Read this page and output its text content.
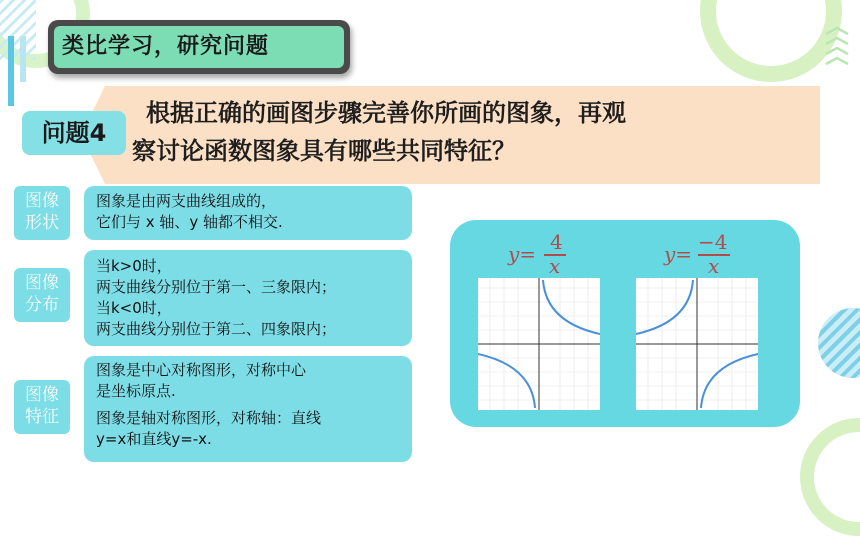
类比学习，研究问题
问题4
根据正确的画图步骤完善你所画的图象，再观
察讨论函数图象具有哪些共同特征？
图像
形状
图象是由两支曲线组成的，
它们与 x 轴、y 轴都不相交.
图像
分布
当k>0时，
两支曲线分别位于第一、三象限内；
当k<0时，
两支曲线分别位于第二、四象限内；
图像
特征
图象是中心对称图形，对称中心
是坐标原点.
图象是轴对称图形，对称轴：直线
y=x和直线y=-x.
y= 4
x	y= −4
x
